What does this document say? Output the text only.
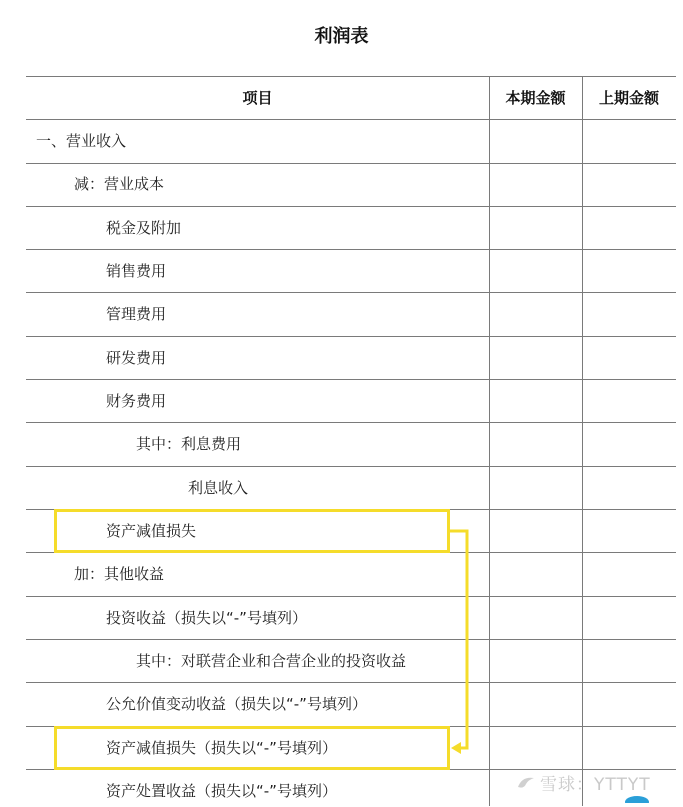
利润表
项目	本期金额	上期金额
一、营业收入
减：营业成本
税金及附加
销售费用
管理费用
研发费用
财务费用
其中：利息费用
利息收入
资产减值损失
加：其他收益
投资收益（损失以“-”号填列）
其中：对联营企业和合营企业的投资收益
公允价值变动收益（损失以“-”号填列）
资产减值损失（损失以“-”号填列）
资产处置收益（损失以“-”号填列）	雪球：YTTYT
